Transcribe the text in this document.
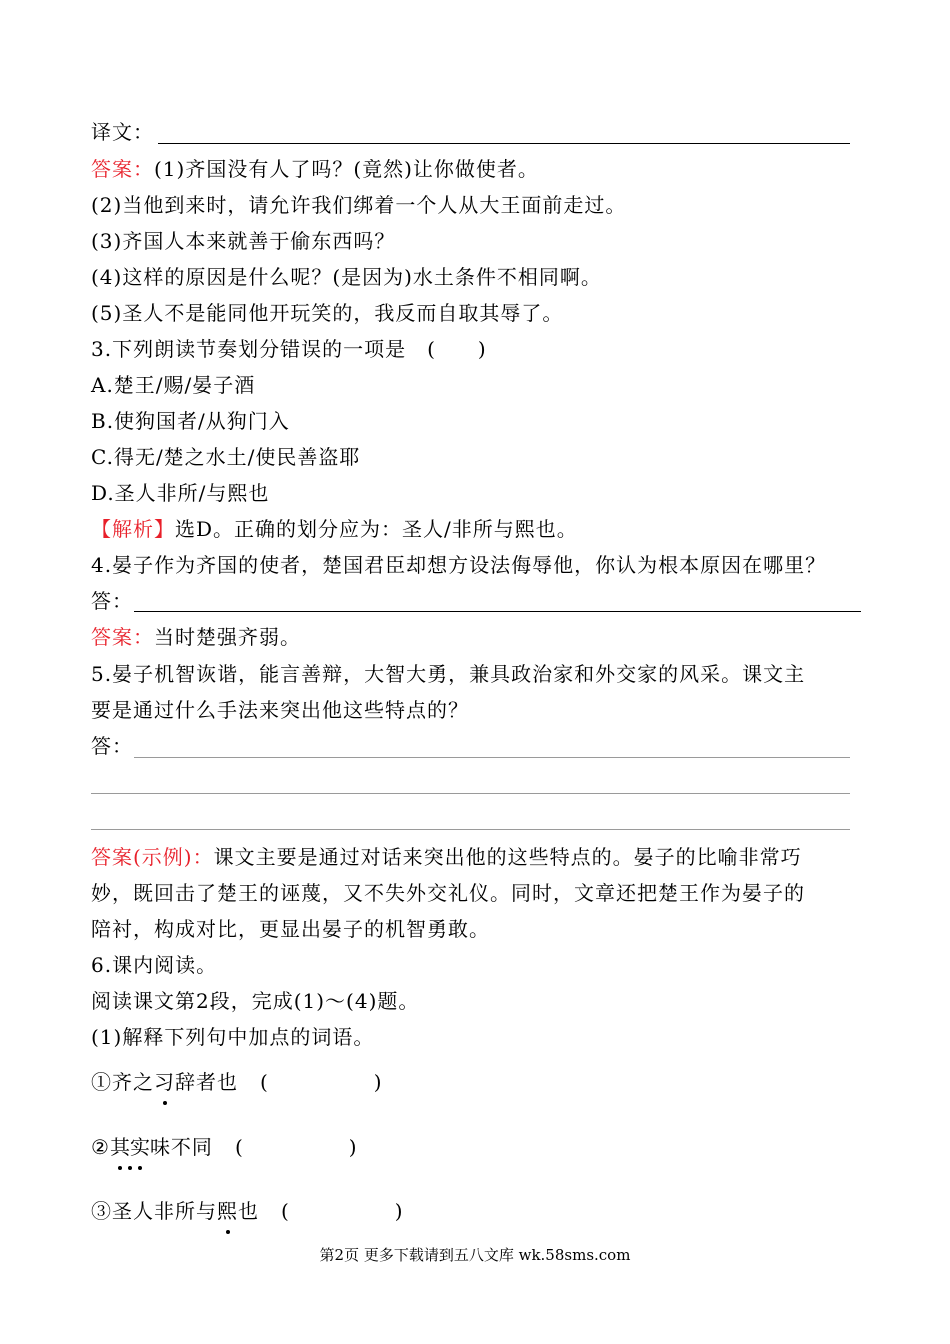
译文：
答案：(1)齐国没有人了吗？(竟然)让你做使者。
(2)当他到来时，请允许我们绑着一个人从大王面前走过。
(3)齐国人本来就善于偷东西吗？
(4)这样的原因是什么呢？(是因为)水土条件不相同啊。
(5)圣人不是能同他开玩笑的，我反而自取其辱了。
3.下列朗读节奏划分错误的一项是　(　　)
A.楚王/赐/晏子酒
B.使狗国者/从狗门入
C.得无/楚之水土/使民善盗耶
D.圣人非所/与熙也
【解析】选D。正确的划分应为：圣人/非所与熙也。
4.晏子作为齐国的使者，楚国君臣却想方设法侮辱他，你认为根本原因在哪里？
答：
答案：当时楚强齐弱。
5.晏子机智诙谐，能言善辩，大智大勇，兼具政治家和外交家的风采。课文主
要是通过什么手法来突出他这些特点的？
答：
答案(示例)：课文主要是通过对话来突出他的这些特点的。晏子的比喻非常巧
妙，既回击了楚王的诬蔑，又不失外交礼仪。同时，文章还把楚王作为晏子的
陪衬，构成对比，更显出晏子的机智勇敢。
6.课内阅读。
阅读课文第2段，完成(1)～(4)题。
(1)解释下列句中加点的词语。
①齐之习辞者也 (　　　　　)
②其实味不同 (　　　　　)
③圣人非所与熙也 (　　　　　)
第2页 更多下载请到五八文库 wk.58sms.com
